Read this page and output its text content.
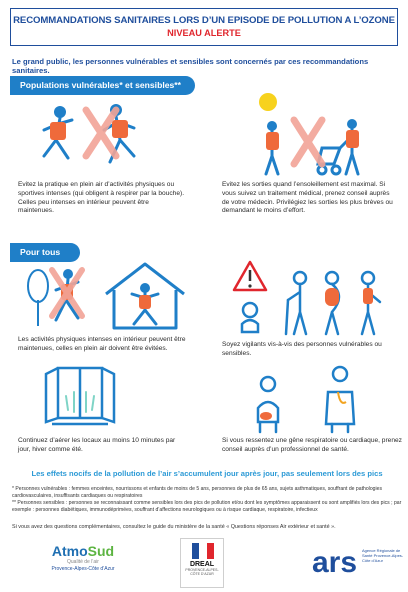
RECOMMANDATIONS SANITAIRES LORS D’UN EPISODE DE POLLUTION A L’OZONE
NIVEAU ALERTE
Le grand public, les personnes vulnérables et sensibles sont concernés par ces recommandations sanitaires.
Populations vulnérables* et sensibles**
Evitez la pratique en plein air d’activités physiques ou sportives intenses (qui obligent à respirer par la bouche). Celles peu intenses en intérieur peuvent être maintenues.
Evitez les sorties quand l’ensoleillement est maximal. Si vous suivez un traitement médical, prenez conseil auprès de votre médecin. Privilégiez les sorties les plus brèves ou demandant le moins d’effort.
Pour tous
Les activités physiques intenses en intérieur peuvent être maintenues, celles en plein air doivent être évitées.
Soyez vigilants vis-à-vis des personnes vulnérables ou sensibles.
Continuez d’aérer les locaux au moins 10 minutes par jour, hiver comme été.
Si vous ressentez une gêne respiratoire ou cardiaque, prenez conseil auprès d’un professionnel de santé.
Les effets nocifs de la pollution de l’air s’accumulent jour après jour, pas seulement lors des pics

* Personnes vulnérables : femmes enceintes, nourrissons et enfants de moins de 5 ans, personnes de plus de 65 ans, sujets asthmatiques, souffrant de pathologies cardiovasculaires, insuffisants cardiaques ou respiratoires

** Personnes sensibles : personnes se reconnaissant comme sensibles lors des pics de pollution et/ou dont les symptômes apparaissent ou sont amplifiés lors des pics ; par exemple : personnes diabétiques, immunodéprimées, souffrant d’affections neurologiques ou à risque cardiaque, respiratoire, infectieux

Si vous avez des questions complémentaires, consultez le guide du ministère de la santé « Questions réponses Air extérieur et santé ».
AtmoSud
Qualité de l’air
Provence-Alpes-Côte d’Azur
DREAL
PROVENCE-ALPES-CÔTE D’AZUR	ars Agence Régionale de Santé Provence-Alpes-Côte d’Azur
